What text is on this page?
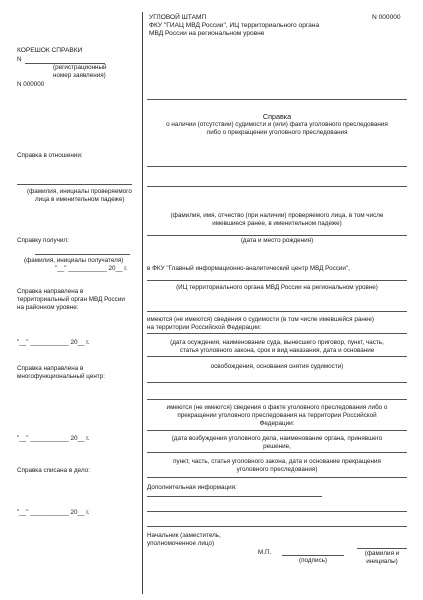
УГЛОВОЙ ШТАМП
ФКУ "ГИАЦ МВД России", ИЦ территориального органа
МВД России на региональном уровне
N 000000
КОРЕШОК СПРАВКИ
N
(регистрационный
номер заявления)
N 000000
Справка в отношении:
(фамилия, инициалы проверяемого
лица в именительном падеже)
Справку получил:
(фамилия, инициалы получателя)
"__" ___________ 20__ г.
Справка направлена в
территориальный орган МВД России
на районном уровне:
"__" ___________ 20__ г.
Справка направлена в
многофункциональный центр:
"__" ___________ 20__ г.
Справка списана в дело:
"__" ___________ 20__ г.
Справка
о наличии (отсутствии) судимости и (или) факта уголовного преследования
либо о прекращении уголовного преследования
(фамилия, имя, отчество (при наличии) проверяемого лица, в том числе
имевшиеся ранее, в именительном падеже)
(дата и место рождения)
в ФКУ "Главный информационно-аналитический центр МВД России",
(ИЦ территориального органа МВД России на региональном уровне)
имеются (не имеются) сведения о судимости (в том числе имевшейся ранее)
на территории Российской Федерации:
(дата осуждения, наименование суда, вынесшего приговор, пункт, часть,
статья уголовного закона, срок и вид наказания, дата и основание
освобождения, основания снятия судимости)
имеются (не имеются) сведения о факте уголовного преследования либо о
прекращении уголовного преследования на территории Российской
Федерации:
(дата возбуждения уголовного дела, наименование органа, принявшего
решение,
пункт, часть, статья уголовного закона, дата и основание прекращения
уголовного преследования)
Дополнительная информация:
Начальник (заместитель,
уполномоченное лицо)
М.П.
(подпись)
(фамилия и
инициалы)
